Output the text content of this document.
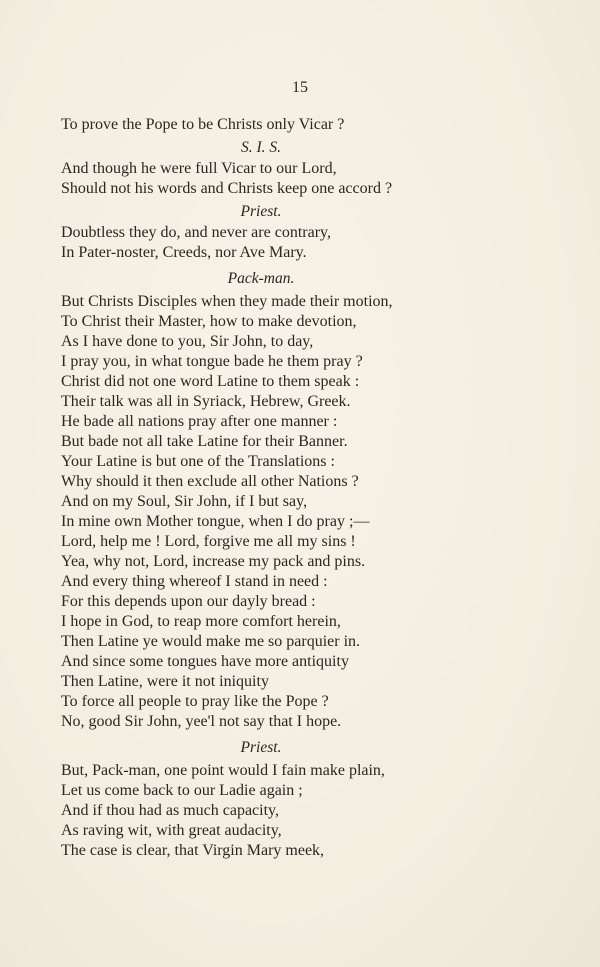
15
To prove the Pope to be Christs only Vicar ?
S. I. S.
And though he were full Vicar to our Lord,
Should not his words and Christs keep one accord ?
Priest.
Doubtless they do, and never are contrary,
In Pater-noster, Creeds, nor Ave Mary.
Pack-man.
But Christs Disciples when they made their motion,
To Christ their Master, how to make devotion,
As I have done to you, Sir John, to day,
I pray you, in what tongue bade he them pray ?
Christ did not one word Latine to them speak :
Their talk was all in Syriack, Hebrew, Greek.
He bade all nations pray after one manner :
But bade not all take Latine for their Banner.
Your Latine is but one of the Translations :
Why should it then exclude all other Nations ?
And on my Soul, Sir John, if I but say,
In mine own Mother tongue, when I do pray ;—
Lord, help me ! Lord, forgive me all my sins !
Yea, why not, Lord, increase my pack and pins.
And every thing whereof I stand in need :
For this depends upon our dayly bread :
I hope in God, to reap more comfort herein,
Then Latine ye would make me so parquier in.
And since some tongues have more antiquity
Then Latine, were it not iniquity
To force all people to pray like the Pope ?
No, good Sir John, yee'l not say that I hope.
Priest.
But, Pack-man, one point would I fain make plain,
Let us come back to our Ladie again ;
And if thou had as much capacity,
As raving wit, with great audacity,
The case is clear, that Virgin Mary meek,
